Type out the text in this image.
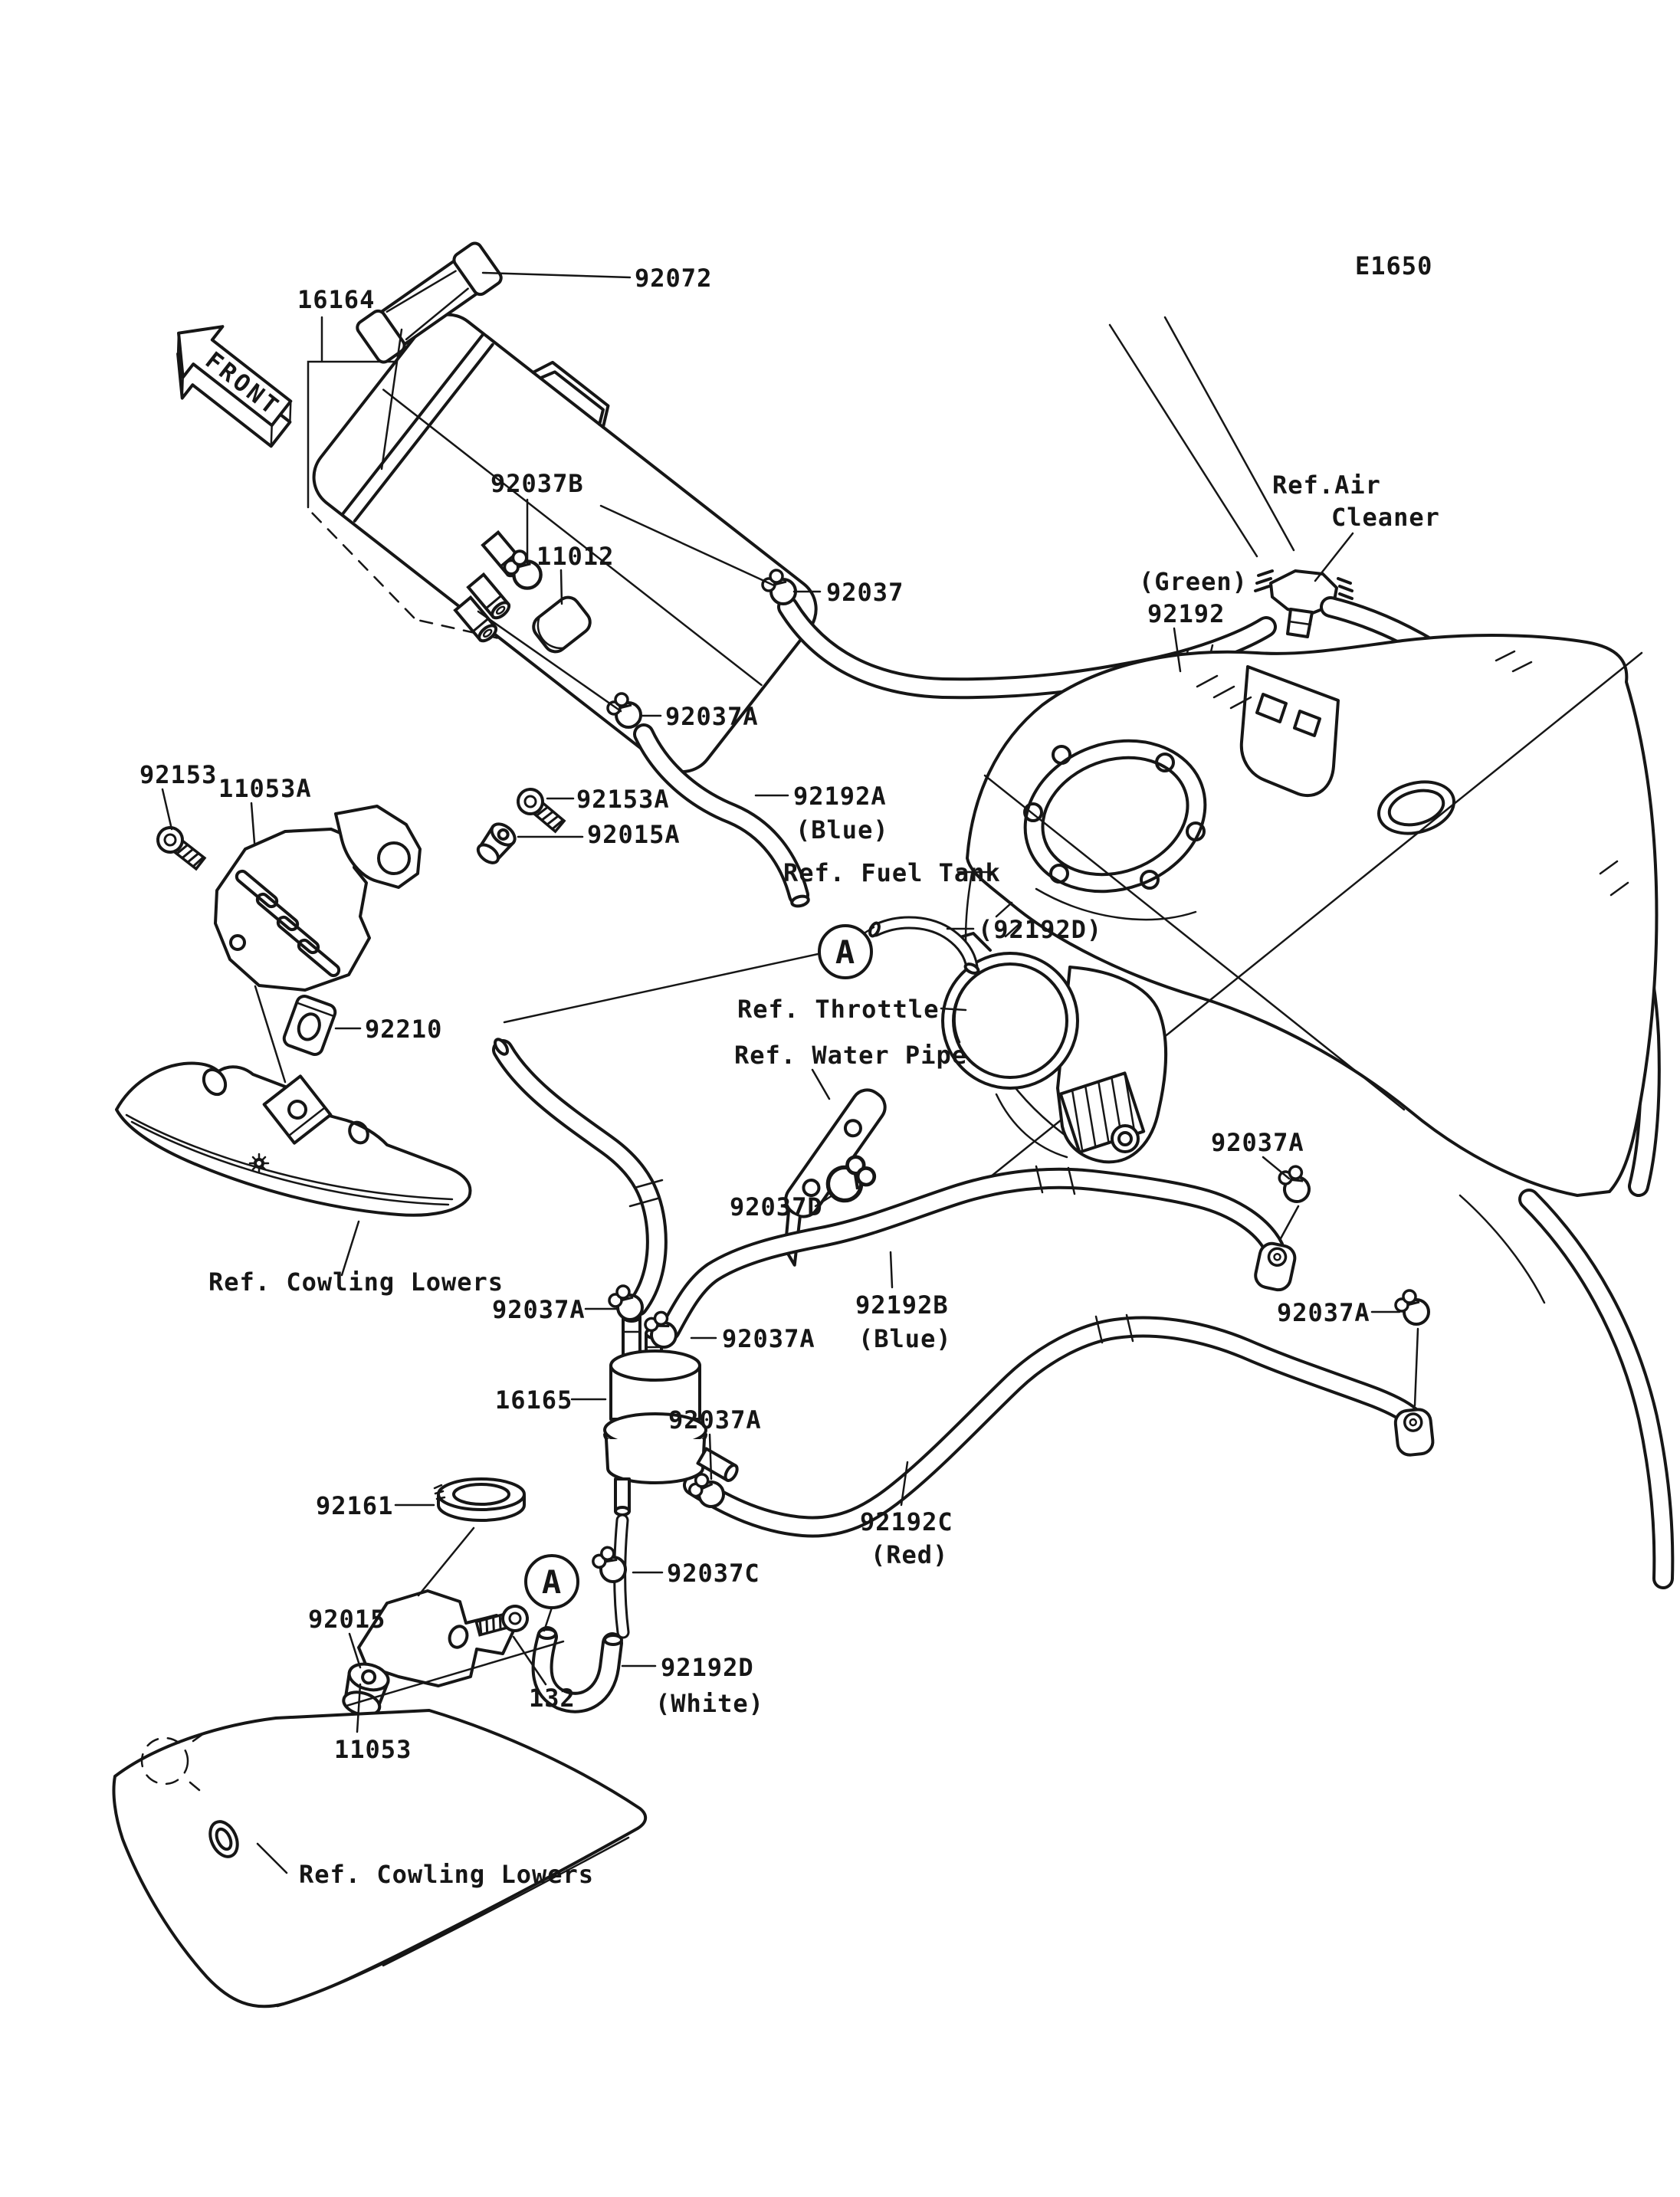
FRONT
E1650
16164
92072
92037B
11012
92037
Ref.Air
Cleaner
(Green)
92192
92037A
92153 11053A	92153A
92015A
92192A
(Blue)
Ref. Fuel Tank
(92192D)
Ref. Throttle
Ref. Water Pipe
92037D
92210
Ref. Cowling Lowers
92037A
92037A
92192B
(Blue)
92037A
92037A
16165
92037A
92161
92192C
(Red)
92037C
92015
132
11053
92192D
(White)
Ref. Cowling Lowers
A
A
